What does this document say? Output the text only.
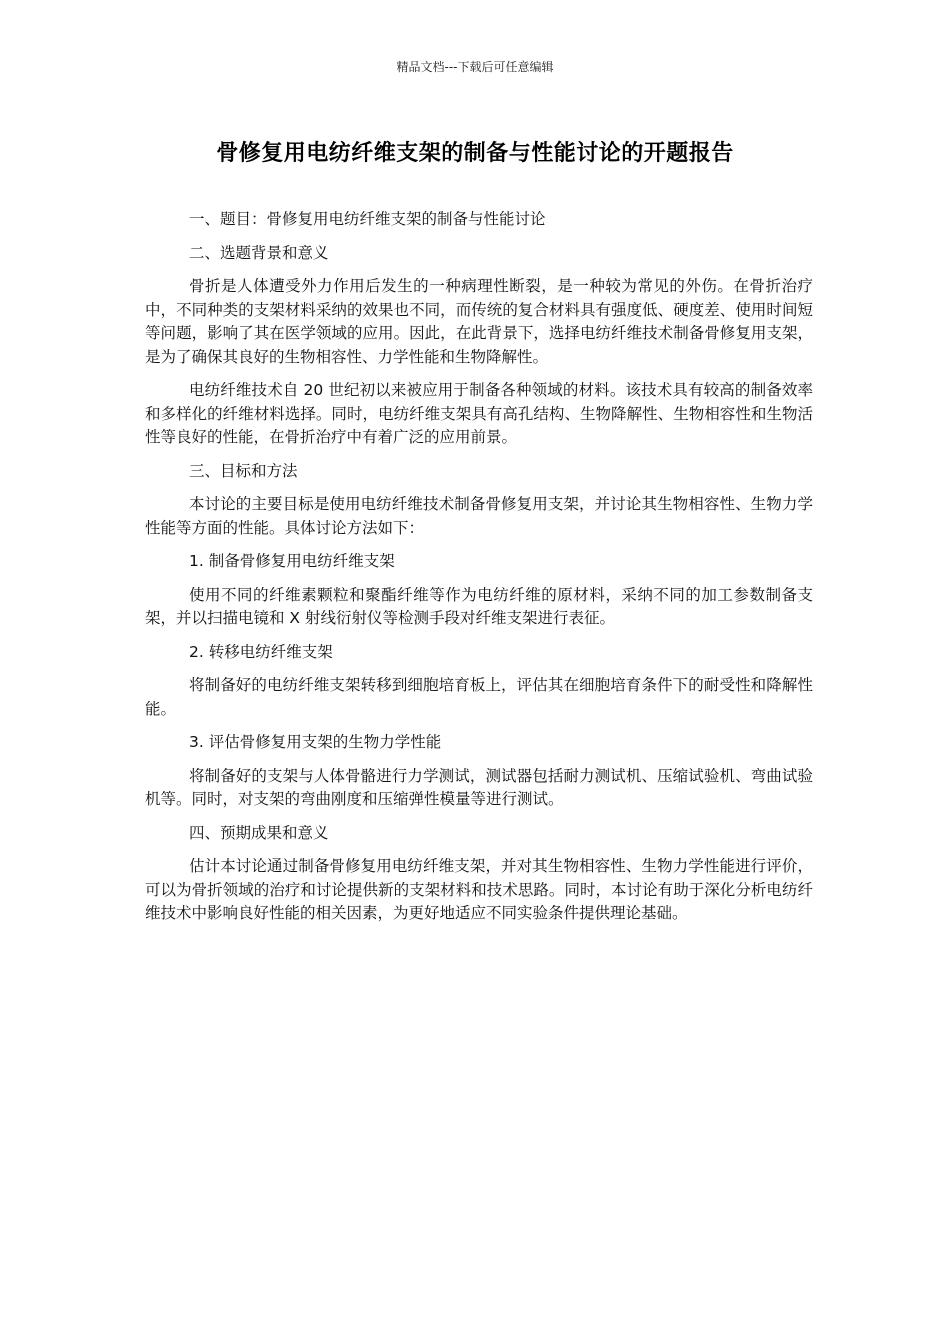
精品文档---下载后可任意编辑
骨修复用电纺纤维支架的制备与性能讨论的开题报告
一、题目：骨修复用电纺纤维支架的制备与性能讨论
二、选题背景和意义
骨折是人体遭受外力作用后发生的一种病理性断裂，是一种较为常见的外伤。在骨折治疗中，不同种类的支架材料采纳的效果也不同，而传统的复合材料具有强度低、硬度差、使用时间短等问题，影响了其在医学领域的应用。因此，在此背景下，选择电纺纤维技术制备骨修复用支架，是为了确保其良好的生物相容性、力学性能和生物降解性。
电纺纤维技术自 20 世纪初以来被应用于制备各种领域的材料。该技术具有较高的制备效率和多样化的纤维材料选择。同时，电纺纤维支架具有高孔结构、生物降解性、生物相容性和生物活性等良好的性能，在骨折治疗中有着广泛的应用前景。
三、目标和方法
本讨论的主要目标是使用电纺纤维技术制备骨修复用支架，并讨论其生物相容性、生物力学性能等方面的性能。具体讨论方法如下：
1. 制备骨修复用电纺纤维支架
使用不同的纤维素颗粒和聚酯纤维等作为电纺纤维的原材料，采纳不同的加工参数制备支架，并以扫描电镜和 X 射线衍射仪等检测手段对纤维支架进行表征。
2. 转移电纺纤维支架
将制备好的电纺纤维支架转移到细胞培育板上，评估其在细胞培育条件下的耐受性和降解性能。
3. 评估骨修复用支架的生物力学性能
将制备好的支架与人体骨骼进行力学测试，测试器包括耐力测试机、压缩试验机、弯曲试验机等。同时，对支架的弯曲刚度和压缩弹性模量等进行测试。
四、预期成果和意义
估计本讨论通过制备骨修复用电纺纤维支架，并对其生物相容性、生物力学性能进行评价，可以为骨折领域的治疗和讨论提供新的支架材料和技术思路。同时，本讨论有助于深化分析电纺纤维技术中影响良好性能的相关因素，为更好地适应不同实验条件提供理论基础。
